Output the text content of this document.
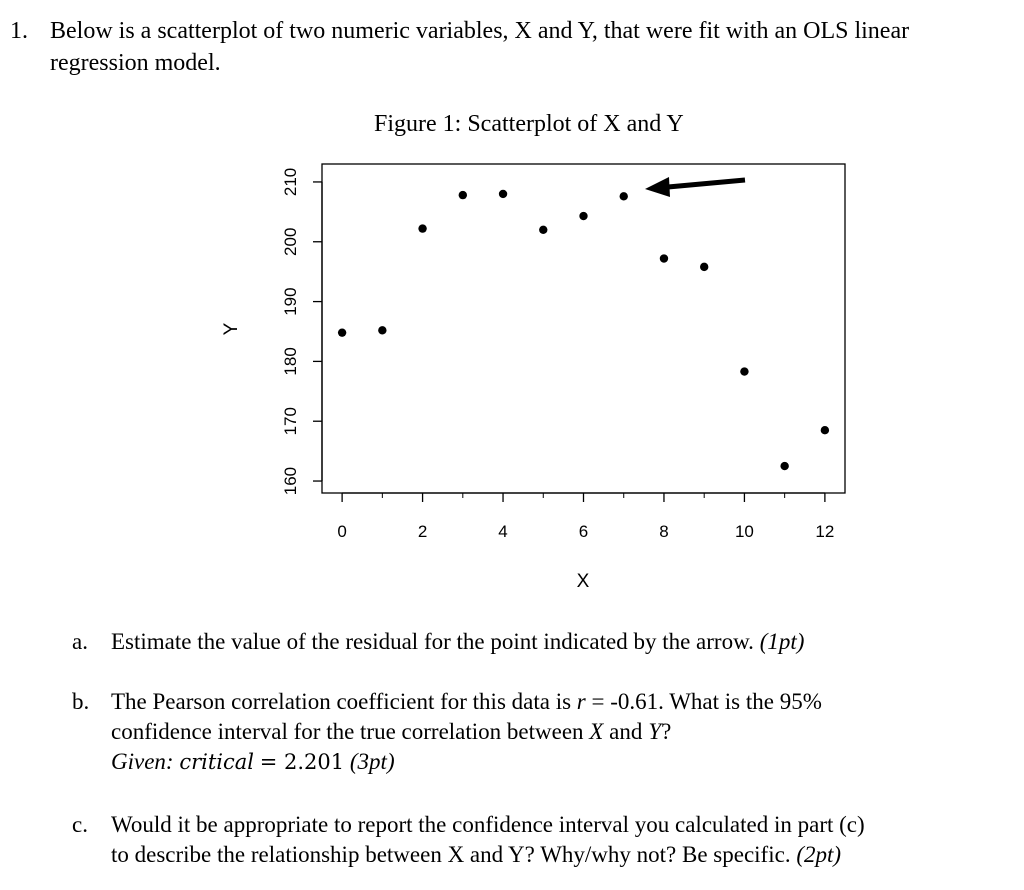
1. Below is a scatterplot of two numeric variables, X and Y, that were fit with an OLS linear
regression model.
Figure 1: Scatterplot of X and Y
0	2	4	6	8	10	12
160
170
180
190
200
210
X
Y
a. Estimate the value of the residual for the point indicated by the arrow. (1pt)
b. The Pearson correlation coefficient for this data is r = -0.61. What is the 95%
confidence interval for the true correlation between X and Y?
Given: critical = 2.201 (3pt)
c. Would it be appropriate to report the confidence interval you calculated in part (c)
to describe the relationship between X and Y? Why/why not? Be specific. (2pt)
